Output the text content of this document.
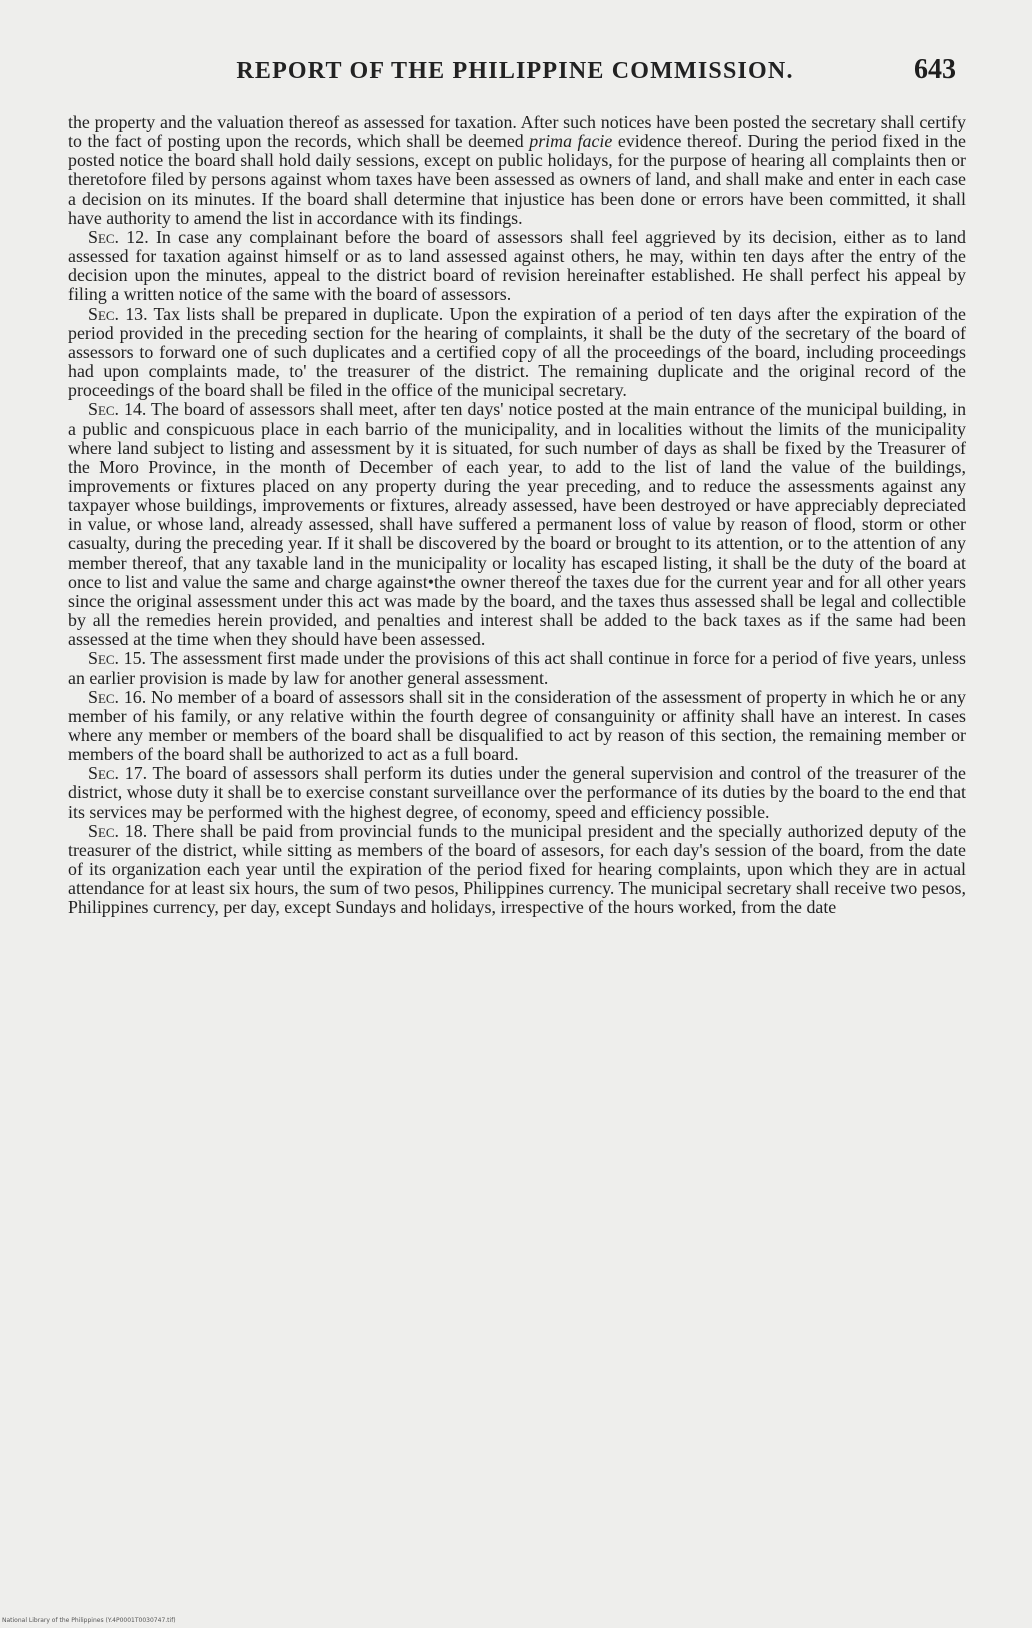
REPORT OF THE PHILIPPINE COMMISSION.	643

the property and the valuation thereof as assessed for taxation. After such notices have been posted the secretary shall certify to the fact of posting upon the records, which shall be deemed prima facie evidence thereof. During the period fixed in the posted notice the board shall hold daily sessions, except on public holidays, for the purpose of hearing all complaints then or theretofore filed by persons against whom taxes have been assessed as owners of land, and shall make and enter in each case a decision on its minutes. If the board shall determine that injustice has been done or errors have been committed, it shall have authority to amend the list in accordance with its findings.

Sec. 12. In case any complainant before the board of assessors shall feel aggrieved by its decision, either as to land assessed for taxation against himself or as to land assessed against others, he may, within ten days after the entry of the decision upon the minutes, appeal to the district board of revision hereinafter established. He shall perfect his appeal by filing a written notice of the same with the board of assessors.

Sec. 13. Tax lists shall be prepared in duplicate. Upon the expiration of a period of ten days after the expiration of the period provided in the preceding section for the hearing of complaints, it shall be the duty of the secretary of the board of assessors to forward one of such duplicates and a certified copy of all the proceedings of the board, including proceedings had upon complaints made, to' the treasurer of the district. The remaining duplicate and the original record of the proceedings of the board shall be filed in the office of the municipal secretary.

Sec. 14. The board of assessors shall meet, after ten days' notice posted at the main entrance of the municipal building, in a public and conspicuous place in each barrio of the municipality, and in localities without the limits of the municipality where land subject to listing and assessment by it is situated, for such number of days as shall be fixed by the Treasurer of the Moro Province, in the month of December of each year, to add to the list of land the value of the buildings, improvements or fixtures placed on any property during the year preceding, and to reduce the assessments against any taxpayer whose buildings, improvements or fixtures, already assessed, have been destroyed or have appreciably depreciated in value, or whose land, already assessed, shall have suffered a permanent loss of value by reason of flood, storm or other casualty, during the preceding year. If it shall be discovered by the board or brought to its attention, or to the attention of any member thereof, that any taxable land in the municipality or locality has escaped listing, it shall be the duty of the board at once to list and value the same and charge against•the owner thereof the taxes due for the current year and for all other years since the original assessment under this act was made by the board, and the taxes thus assessed shall be legal and collectible by all the remedies herein provided, and penalties and interest shall be added to the back taxes as if the same had been assessed at the time when they should have been assessed.

Sec. 15. The assessment first made under the provisions of this act shall continue in force for a period of five years, unless an earlier provision is made by law for another general assessment.

Sec. 16. No member of a board of assessors shall sit in the consideration of the assessment of property in which he or any member of his family, or any relative within the fourth degree of consanguinity or affinity shall have an interest. In cases where any member or members of the board shall be disqualified to act by reason of this section, the remaining member or members of the board shall be authorized to act as a full board.

Sec. 17. The board of assessors shall perform its duties under the general supervision and control of the treasurer of the district, whose duty it shall be to exercise constant surveillance over the performance of its duties by the board to the end that its services may be performed with the highest degree, of economy, speed and efficiency possible.

Sec. 18. There shall be paid from provincial funds to the municipal president and the specially authorized deputy of the treasurer of the district, while sitting as members of the board of assesors, for each day's session of the board, from the date of its organization each year until the expiration of the period fixed for hearing complaints, upon which they are in actual attendance for at least six hours, the sum of two pesos, Philippines currency. The municipal secretary shall receive two pesos, Philippines currency, per day, except Sundays and holidays, irrespective of the hours worked, from the date

National Library of the Philippines (Y.4P0001T0030747.tif)
